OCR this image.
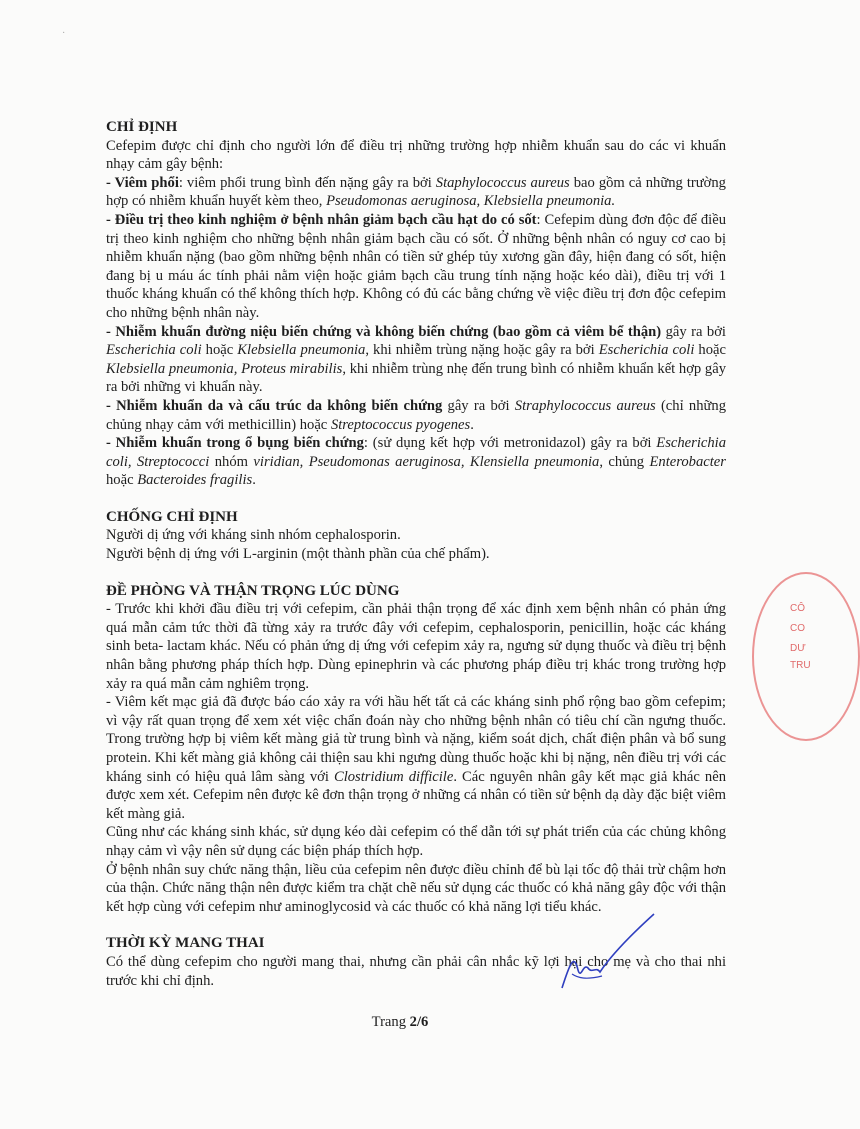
·

CHỈ ĐỊNH

Cefepim được chỉ định cho người lớn để điều trị những trường hợp nhiễm khuẩn sau do các vi khuẩn nhạy cảm gây bệnh:

- Viêm phổi: viêm phổi trung bình đến nặng gây ra bởi Staphylococcus aureus bao gồm cả những trường hợp có nhiễm khuẩn huyết kèm theo, Pseudomonas aeruginosa, Klebsiella pneumonia.

- Điều trị theo kinh nghiệm ở bệnh nhân giảm bạch cầu hạt do có sốt: Cefepim dùng đơn độc để điều trị theo kinh nghiệm cho những bệnh nhân giảm bạch cầu có sốt. Ở những bệnh nhân có nguy cơ cao bị nhiễm khuẩn nặng (bao gồm những bệnh nhân có tiền sử ghép tủy xương gần đây, hiện đang có sốt, hiện đang bị u máu ác tính phải nằm viện hoặc giảm bạch cầu trung tính nặng hoặc kéo dài), điều trị với 1 thuốc kháng khuẩn có thể không thích hợp. Không có đủ các bằng chứng về việc điều trị đơn độc cefepim cho những bệnh nhân này.

- Nhiễm khuẩn đường niệu biến chứng và không biến chứng (bao gồm cả viêm bể thận) gây ra bởi Escherichia coli hoặc Klebsiella pneumonia, khi nhiễm trùng nặng hoặc gây ra bởi Escherichia coli hoặc Klebsiella pneumonia, Proteus mirabilis, khi nhiễm trùng nhẹ đến trung bình có nhiễm khuẩn kết hợp gây ra bởi những vi khuẩn này.

- Nhiễm khuẩn da và cấu trúc da không biến chứng gây ra bởi Straphylococcus aureus (chỉ những chủng nhạy cảm với methicillin) hoặc Streptococcus pyogenes.

- Nhiễm khuẩn trong ổ bụng biến chứng: (sử dụng kết hợp với metronidazol) gây ra bởi Escherichia coli, Streptococci nhóm viridian, Pseudomonas aeruginosa, Klensiella pneumonia, chủng Enterobacter hoặc Bacteroides fragilis.

CHỐNG CHỈ ĐỊNH

Người dị ứng với kháng sinh nhóm cephalosporin.

Người bệnh dị ứng với L-arginin (một thành phần của chế phẩm).

ĐỀ PHÒNG VÀ THẬN TRỌNG LÚC DÙNG

- Trước khi khởi đầu điều trị với cefepim, cần phải thận trọng để xác định xem bệnh nhân có phản ứng quá mẫn cảm tức thời đã từng xảy ra trước đây với cefepim, cephalosporin, penicillin, hoặc các kháng sinh beta- lactam khác. Nếu có phản ứng dị ứng với cefepim xảy ra, ngưng sử dụng thuốc và điều trị bệnh nhân bằng phương pháp thích hợp. Dùng epinephrin và các phương pháp điều trị khác trong trường hợp xảy ra quá mẫn cảm nghiêm trọng.

- Viêm kết mạc giả đã được báo cáo xảy ra với hầu hết tất cả các kháng sinh phổ rộng bao gồm cefepim; vì vậy rất quan trọng để xem xét việc chẩn đoán này cho những bệnh nhân có tiêu chí cần ngưng thuốc. Trong trường hợp bị viêm kết màng giả từ trung bình và nặng, kiểm soát dịch, chất điện phân và bổ sung protein. Khi kết màng giả không cải thiện sau khi ngưng dùng thuốc hoặc khi bị nặng, nên điều trị với các kháng sinh có hiệu quả lâm sàng với Clostridium difficile. Các nguyên nhân gây kết mạc giả khác nên được xem xét. Cefepim nên được kê đơn thận trọng ở những cá nhân có tiền sử bệnh dạ dày đặc biệt viêm kết màng giả.

Cũng như các kháng sinh khác, sử dụng kéo dài cefepim có thể dẫn tới sự phát triển của các chủng không nhạy cảm vì vậy nên sử dụng các biện pháp thích hợp.

Ở bệnh nhân suy chức năng thận, liều của cefepim nên được điều chỉnh để bù lại tốc độ thải trừ chậm hơn của thận. Chức năng thận nên được kiểm tra chặt chẽ nếu sử dụng các thuốc có khả năng gây độc với thận kết hợp cùng với cefepim như aminoglycosid và các thuốc có khả năng lợi tiểu khác.

THỜI KỲ MANG THAI

Có thể dùng cefepim cho người mang thai, nhưng cần phải cân nhắc kỹ lợi hại cho mẹ và cho thai nhi trước khi chỉ định.

Trang 2/6
CÔ
CO
DƯ
TRU
